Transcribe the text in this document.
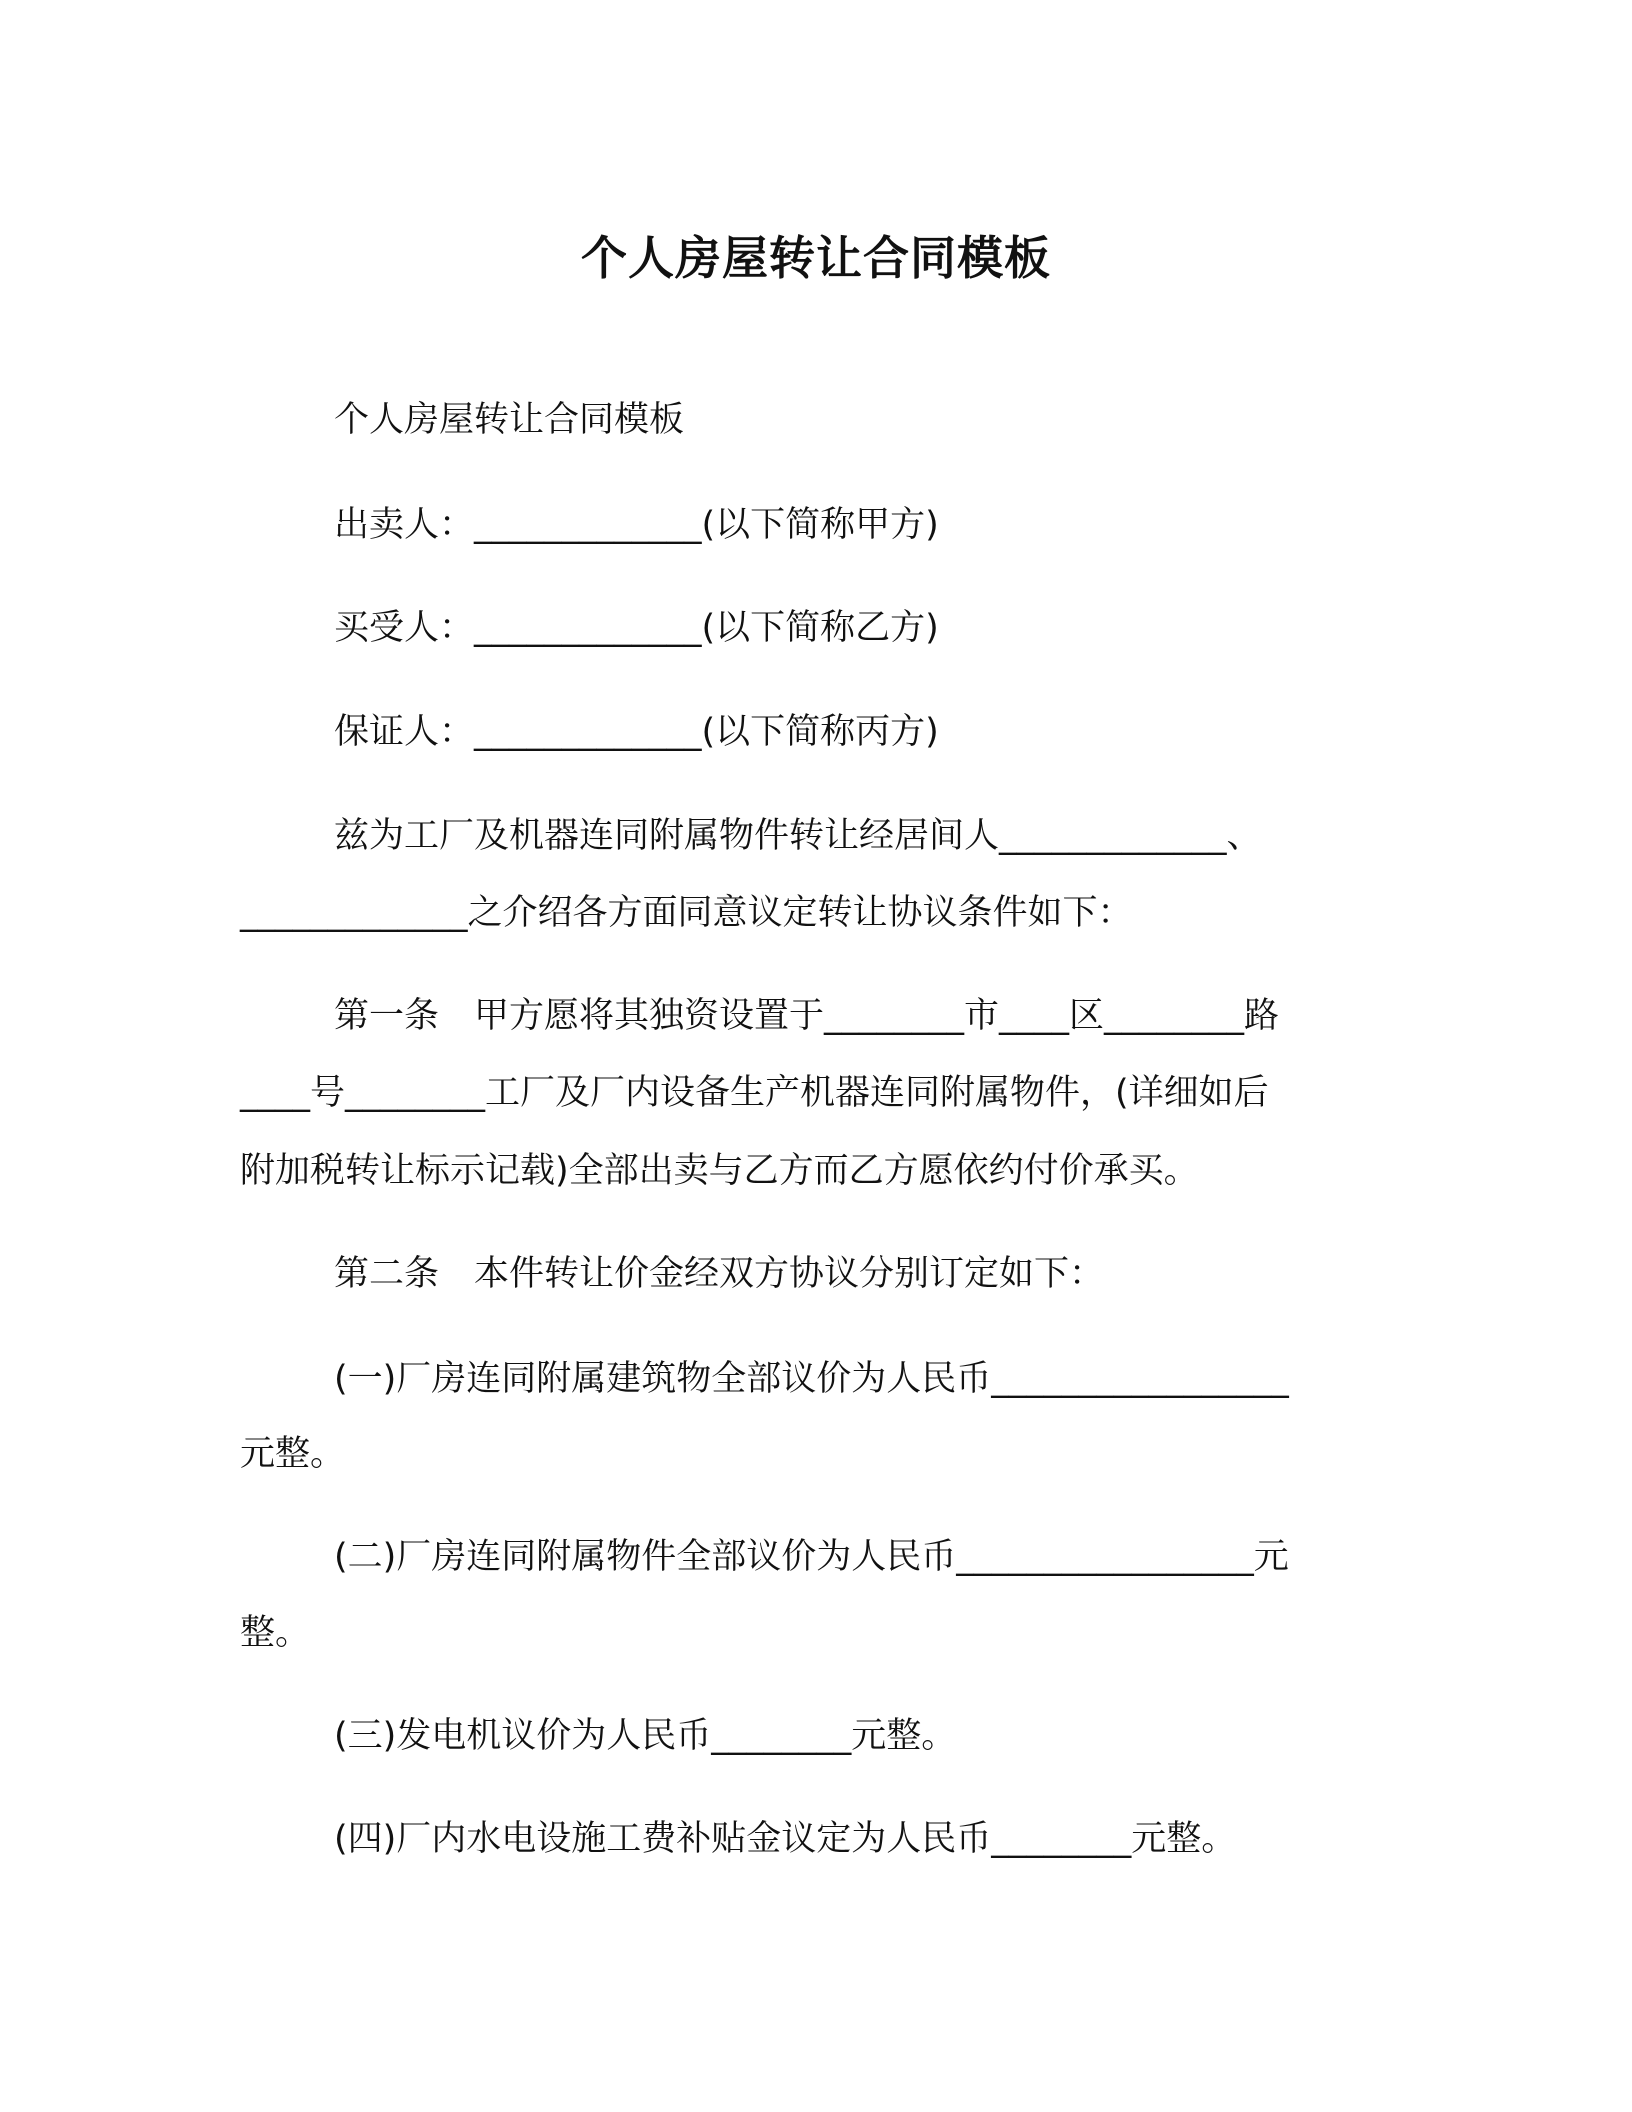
个人房屋转让合同模板

个人房屋转让合同模板

出卖人：_____________(以下简称甲方)

买受人：_____________(以下简称乙方)

保证人：_____________(以下简称丙方)

兹为工厂及机器连同附属物件转让经居间人_____________、

_____________之介绍各方面同意议定转让协议条件如下：

第一条　甲方愿将其独资设置于________市____区________路

____号________工厂及厂内设备生产机器连同附属物件，(详细如后

附加税转让标示记载)全部出卖与乙方而乙方愿依约付价承买。

第二条　本件转让价金经双方协议分别订定如下：

(一)厂房连同附属建筑物全部议价为人民币_________________

元整。

(二)厂房连同附属物件全部议价为人民币_________________元

整。

(三)发电机议价为人民币________元整。

(四)厂内水电设施工费补贴金议定为人民币________元整。
